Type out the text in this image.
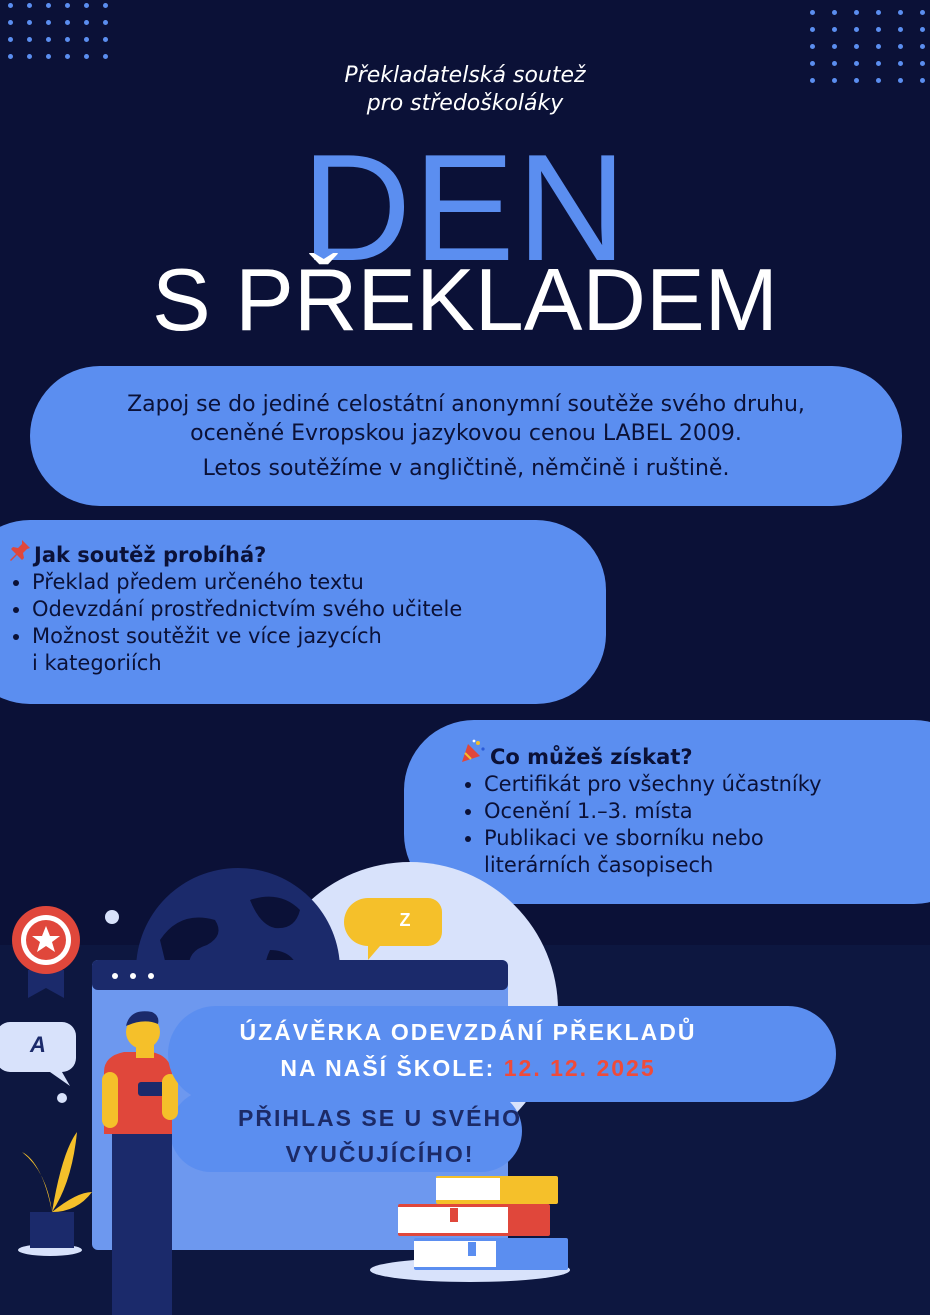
Překladatelská soutež
pro středoškoláky
DEN
S PŘEKLADEM
Zapoj se do jediné celostátní anonymní soutěže svého druhu,
oceněné Evropskou jazykovou cenou LABEL 2009.
Letos soutěžíme v angličtině, němčině i ruštině.
Jak soutěž probíhá?
• Překlad předem určeného textu
• Odevzdání prostřednictvím svého učitele
• Možnost soutěžit ve více jazycích
i kategoriích
Co můžeš získat?
• Certifikát pro všechny účastníky
• Ocenění 1.–3. místa
• Publikaci ve sborníku nebo
literárních časopisech
Z
A	ÚZÁVĚRKA ODEVZDÁNÍ PŘEKLADŮ
NA NAŠÍ ŠKOLE: 12. 12. 2025
PŘIHLAS SE U SVÉHO
VYUČUJÍCÍHO!
